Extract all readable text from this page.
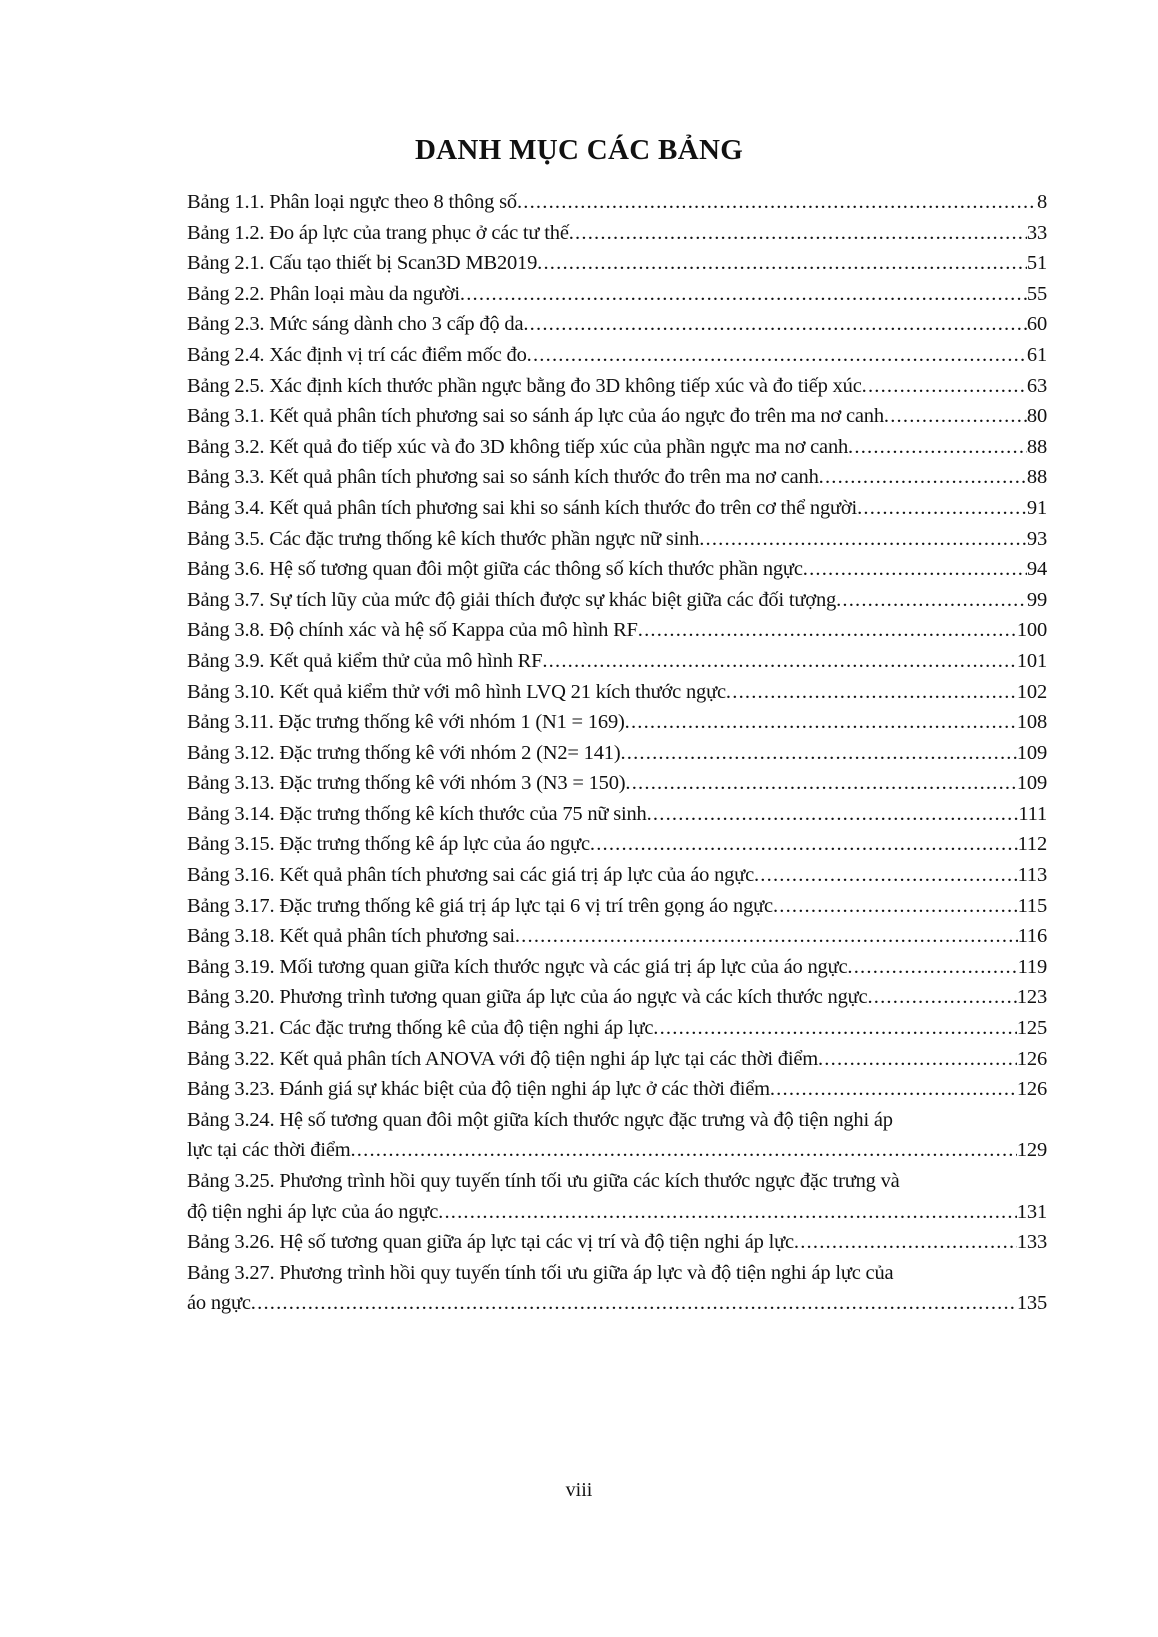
DANH MỤC CÁC BẢNG
Bảng 1.1. Phân loại ngực theo 8 thông số .....	8
Bảng 1.2. Đo áp lực của trang phục ở các tư thế .....	33
Bảng 2.1. Cấu tạo thiết bị Scan3D MB2019 .....	51
Bảng 2.2. Phân loại màu da người .....	55
Bảng 2.3. Mức sáng dành cho 3 cấp độ da .....	60
Bảng 2.4. Xác định vị trí các điểm mốc đo .....	61
Bảng 2.5. Xác định kích thước phần ngực bằng đo 3D không tiếp xúc và đo tiếp xúc .....	63
Bảng 3.1. Kết quả phân tích phương sai so sánh áp lực của áo ngực đo trên ma nơ canh .....	80
Bảng 3.2. Kết quả đo tiếp xúc và đo 3D không tiếp xúc của phần ngực ma nơ canh .....	88
Bảng 3.3. Kết quả phân tích phương sai so sánh kích thước đo trên ma nơ canh .....	88
Bảng 3.4. Kết quả phân tích phương sai khi so sánh kích thước đo trên cơ thể người .....	91
Bảng 3.5. Các đặc trưng thống kê kích thước phần ngực nữ sinh .....	93
Bảng 3.6. Hệ số tương quan đôi một giữa các thông số kích thước phần ngực .....	94
Bảng 3.7. Sự tích lũy của mức độ giải thích được sự khác biệt giữa các đối tượng .....	99
Bảng 3.8. Độ chính xác và hệ số Kappa của mô hình RF .....	100
Bảng 3.9. Kết quả kiểm thử của mô hình RF .....	101
Bảng 3.10. Kết quả kiểm thử với mô hình LVQ 21 kích thước ngực .....	102
Bảng 3.11. Đặc trưng thống kê với nhóm 1 (N1 = 169) .....	108
Bảng 3.12. Đặc trưng thống kê với nhóm 2 (N2= 141) .....	109
Bảng 3.13. Đặc trưng thống kê với nhóm 3 (N3 = 150) .....	109
Bảng 3.14. Đặc trưng thống kê kích thước của 75 nữ sinh .....	111
Bảng 3.15. Đặc trưng thống kê áp lực của áo ngực .....	112
Bảng 3.16. Kết quả phân tích phương sai các giá trị áp lực của áo ngực .....	113
Bảng 3.17. Đặc trưng thống kê giá trị áp lực tại 6 vị trí trên gọng áo ngực .....	115
Bảng 3.18. Kết quả phân tích phương sai .....	116
Bảng 3.19. Mối tương quan giữa kích thước ngực và các giá trị áp lực của áo ngực .....	119
Bảng 3.20. Phương trình tương quan giữa áp lực của áo ngực và các kích thước ngực .....	123
Bảng 3.21. Các đặc trưng thống kê của độ tiện nghi áp lực .....	125
Bảng 3.22. Kết quả phân tích ANOVA với độ tiện nghi áp lực tại các thời điểm .....	126
Bảng 3.23. Đánh giá sự khác biệt của độ tiện nghi áp lực ở các thời điểm .....	126
Bảng 3.24. Hệ số tương quan đôi một giữa kích thước ngực đặc trưng và độ tiện nghi áp
lực tại các thời điểm .....	129
Bảng 3.25. Phương trình hồi quy tuyến tính tối ưu giữa các kích thước ngực đặc trưng và
độ tiện nghi áp lực của áo ngực .....	131
Bảng 3.26. Hệ số tương quan giữa áp lực tại các vị trí và độ tiện nghi áp lực .....	133
Bảng 3.27. Phương trình hồi quy tuyến tính tối ưu giữa áp lực và độ tiện nghi áp lực của
áo ngực .....	135
viii
